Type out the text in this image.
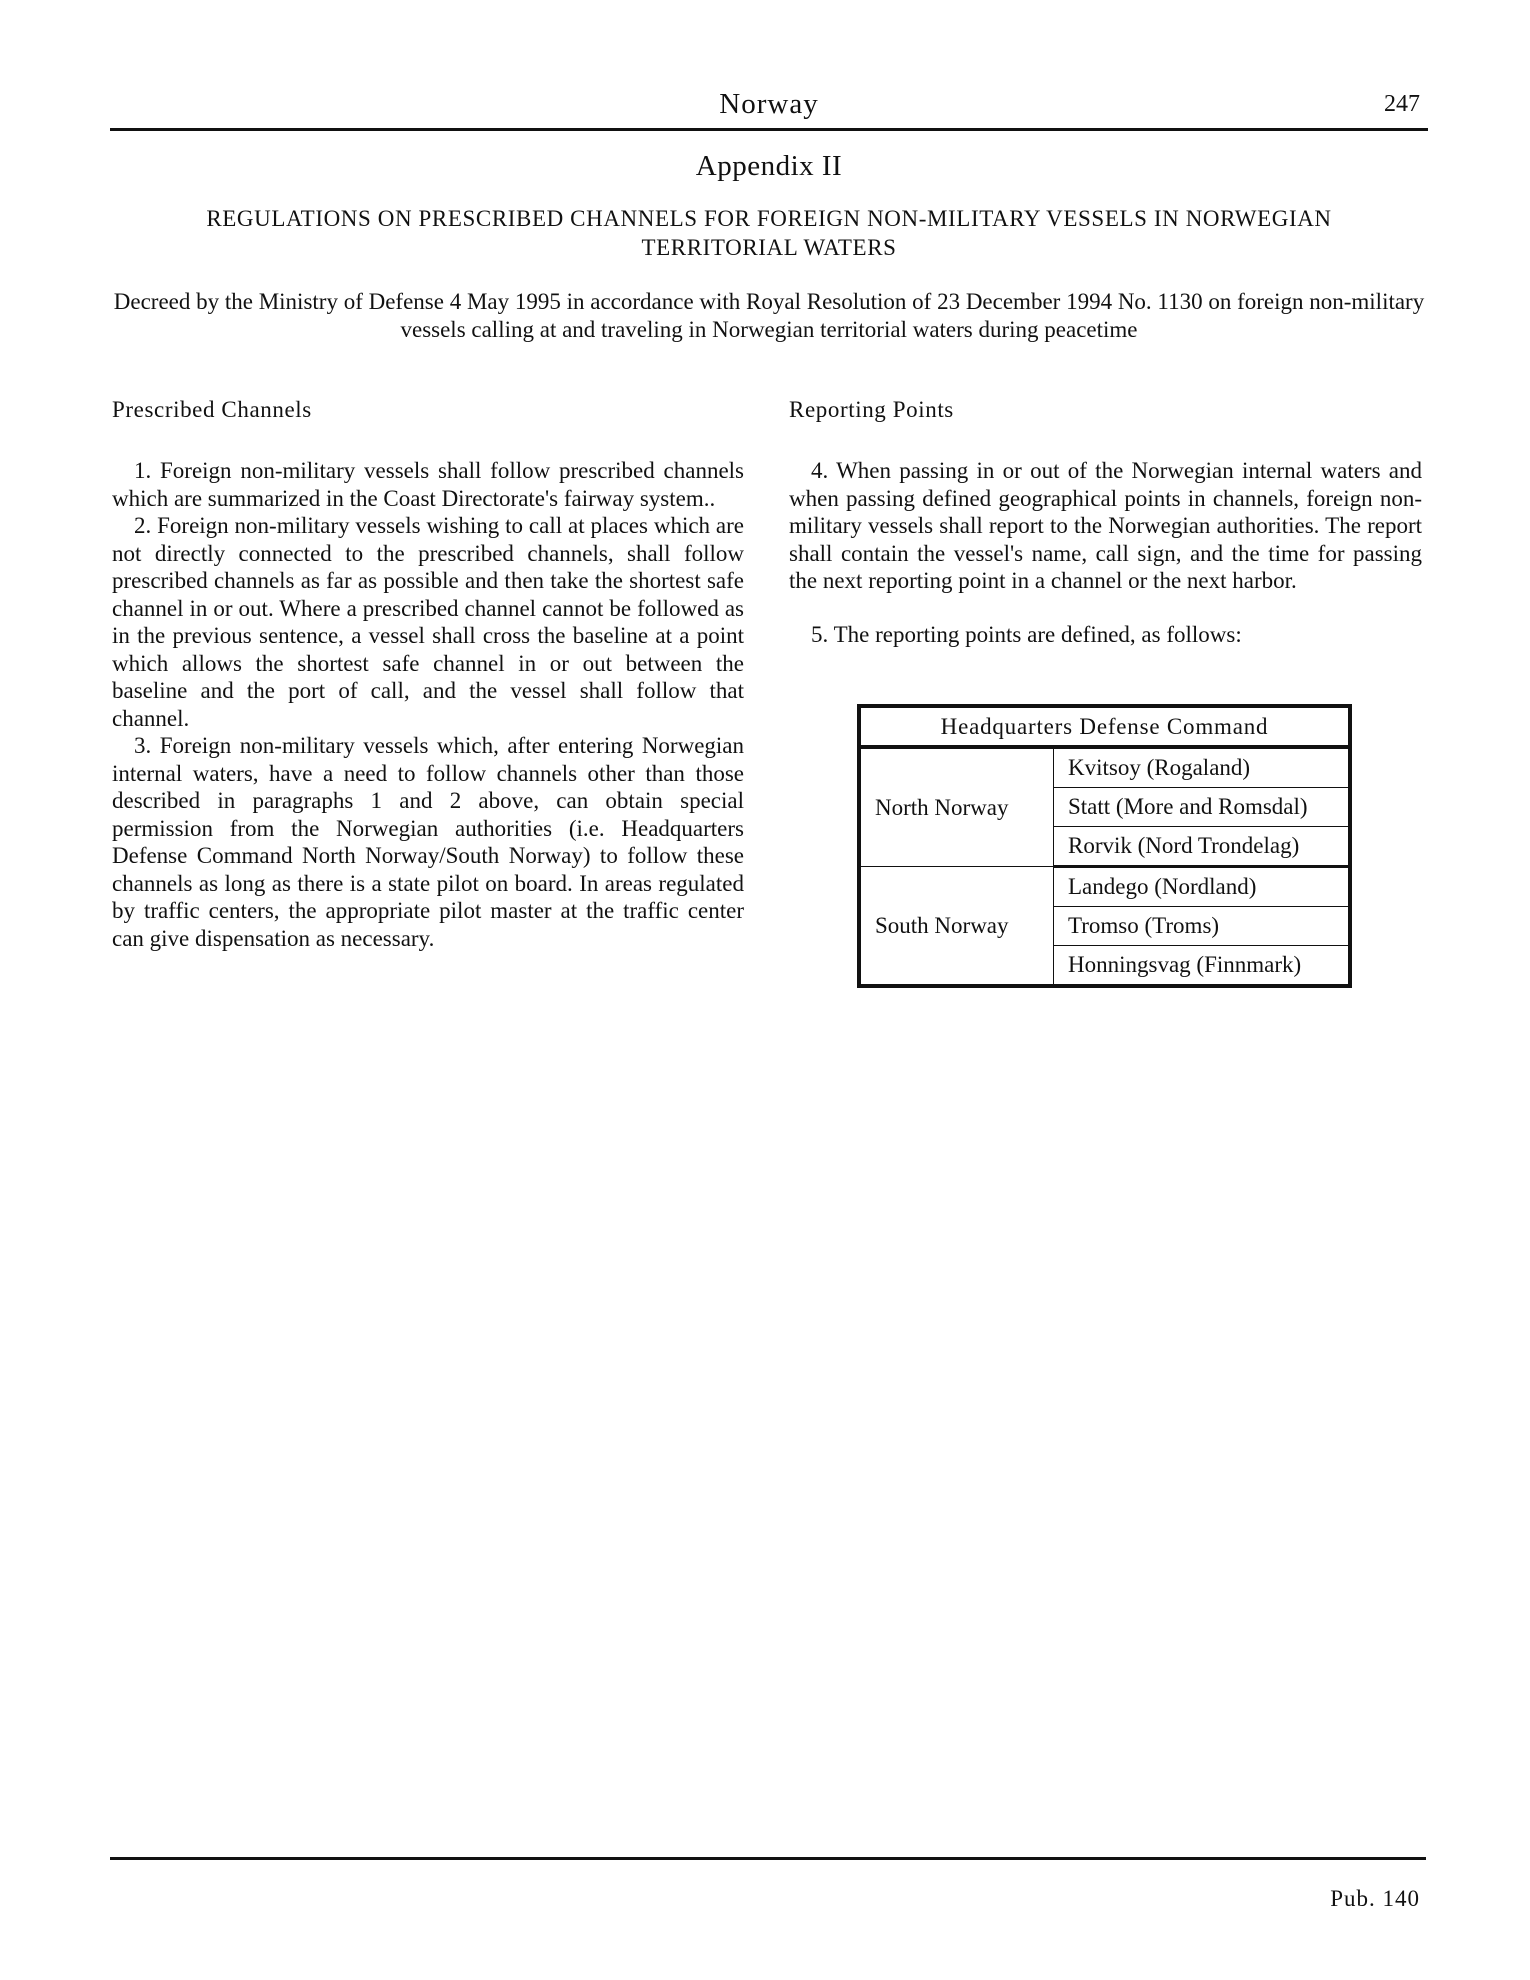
Norway	247
Appendix II
REGULATIONS ON PRESCRIBED CHANNELS FOR FOREIGN NON-MILITARY VESSELS IN NORWEGIAN TERRITORIAL WATERS
Decreed by the Ministry of Defense 4 May 1995 in accordance with Royal Resolution of 23 December 1994 No. 1130 on foreign non-military vessels calling at and traveling in Norwegian territorial waters during peacetime
Prescribed Channels

1. Foreign non-military vessels shall follow prescribed channels which are summarized in the Coast Directorate's fairway system..

2. Foreign non-military vessels wishing to call at places which are not directly connected to the prescribed channels, shall follow prescribed channels as far as possible and then take the shortest safe channel in or out. Where a prescribed channel cannot be followed as in the previous sentence, a vessel shall cross the baseline at a point which allows the shortest safe channel in or out between the baseline and the port of call, and the vessel shall follow that channel.

3. Foreign non-military vessels which, after entering Norwegian internal waters, have a need to follow channels other than those described in paragraphs 1 and 2 above, can obtain special permission from the Norwegian authorities (i.e. Headquarters Defense Command North Norway/South Norway) to follow these channels as long as there is a state pilot on board. In areas regulated by traffic centers, the appropriate pilot master at the traffic center can give dispensation as necessary.

Reporting Points

4. When passing in or out of the Norwegian internal waters and when passing defined geographical points in channels, foreign non-military vessels shall report to the Norwegian authorities. The report shall contain the vessel's name, call sign, and the time for passing the next reporting point in a channel or the next harbor.

5. The reporting points are defined, as follows:

Headquarters Defense Command	
North Norway	Kvitsoy (Rogaland)
	Statt (More and Romsdal)
	Rorvik (Nord Trondelag)
South Norway	Landego (Nordland)
	Tromso (Troms)
	Honningsvag (Finnmark)
Pub. 140
